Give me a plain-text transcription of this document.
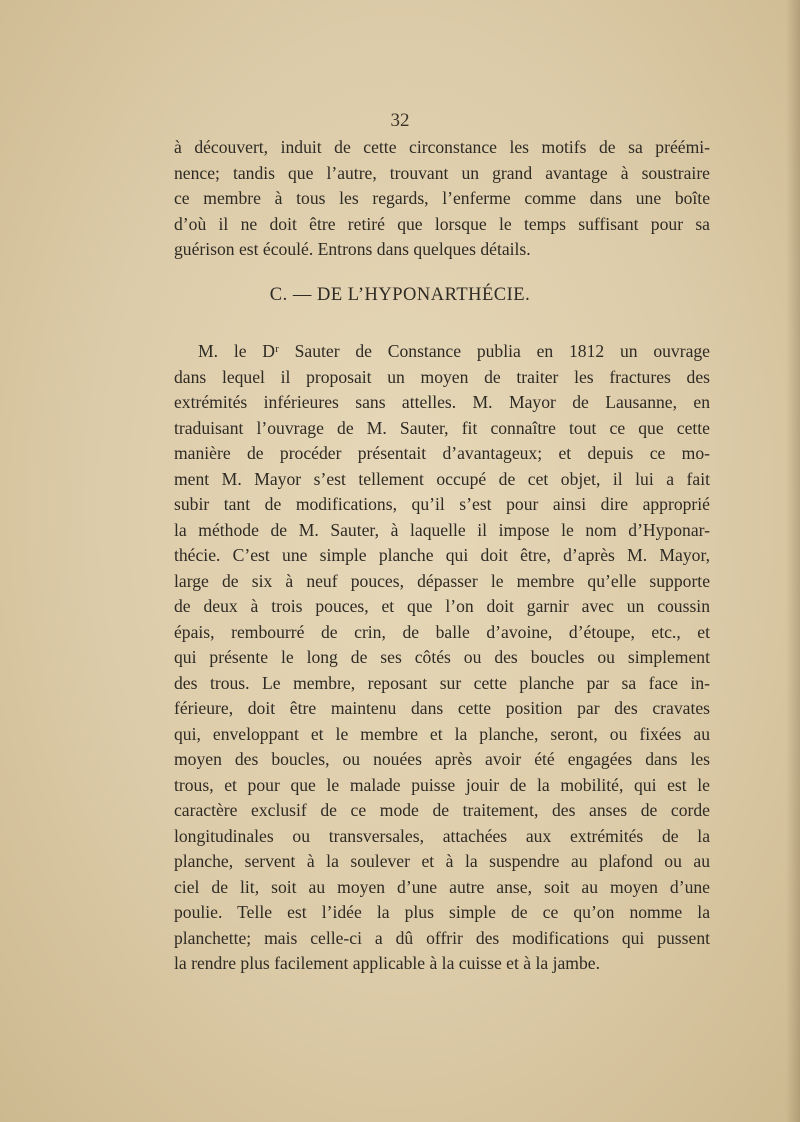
32
à découvert, induit de cette circonstance les motifs de sa préémi-
nence; tandis que l’autre, trouvant un grand avantage à soustraire
ce membre à tous les regards, l’enferme comme dans une boîte
d’où il ne doit être retiré que lorsque le temps suffisant pour sa
guérison est écoulé. Entrons dans quelques détails.
C. — DE L’HYPONARTHÉCIE.
M. le Dʳ Sauter de Constance publia en 1812 un ouvrage
dans lequel il proposait un moyen de traiter les fractures des
extrémités inférieures sans attelles. M. Mayor de Lausanne, en
traduisant l’ouvrage de M. Sauter, fit connaître tout ce que cette
manière de procéder présentait d’avantageux; et depuis ce mo-
ment M. Mayor s’est tellement occupé de cet objet, il lui a fait
subir tant de modifications, qu’il s’est pour ainsi dire approprié
la méthode de M. Sauter, à laquelle il impose le nom d’Hyponar-
thécie. C’est une simple planche qui doit être, d’après M. Mayor,
large de six à neuf pouces, dépasser le membre qu’elle supporte
de deux à trois pouces, et que l’on doit garnir avec un coussin
épais, rembourré de crin, de balle d’avoine, d’étoupe, etc., et
qui présente le long de ses côtés ou des boucles ou simplement
des trous. Le membre, reposant sur cette planche par sa face in-
férieure, doit être maintenu dans cette position par des cravates
qui, enveloppant et le membre et la planche, seront, ou fixées au
moyen des boucles, ou nouées après avoir été engagées dans les
trous, et pour que le malade puisse jouir de la mobilité, qui est le
caractère exclusif de ce mode de traitement, des anses de corde
longitudinales ou transversales, attachées aux extrémités de la
planche, servent à la soulever et à la suspendre au plafond ou au
ciel de lit, soit au moyen d’une autre anse, soit au moyen d’une
poulie. Telle est l’idée la plus simple de ce qu’on nomme la
planchette; mais celle-ci a dû offrir des modifications qui pussent
la rendre plus facilement applicable à la cuisse et à la jambe.
